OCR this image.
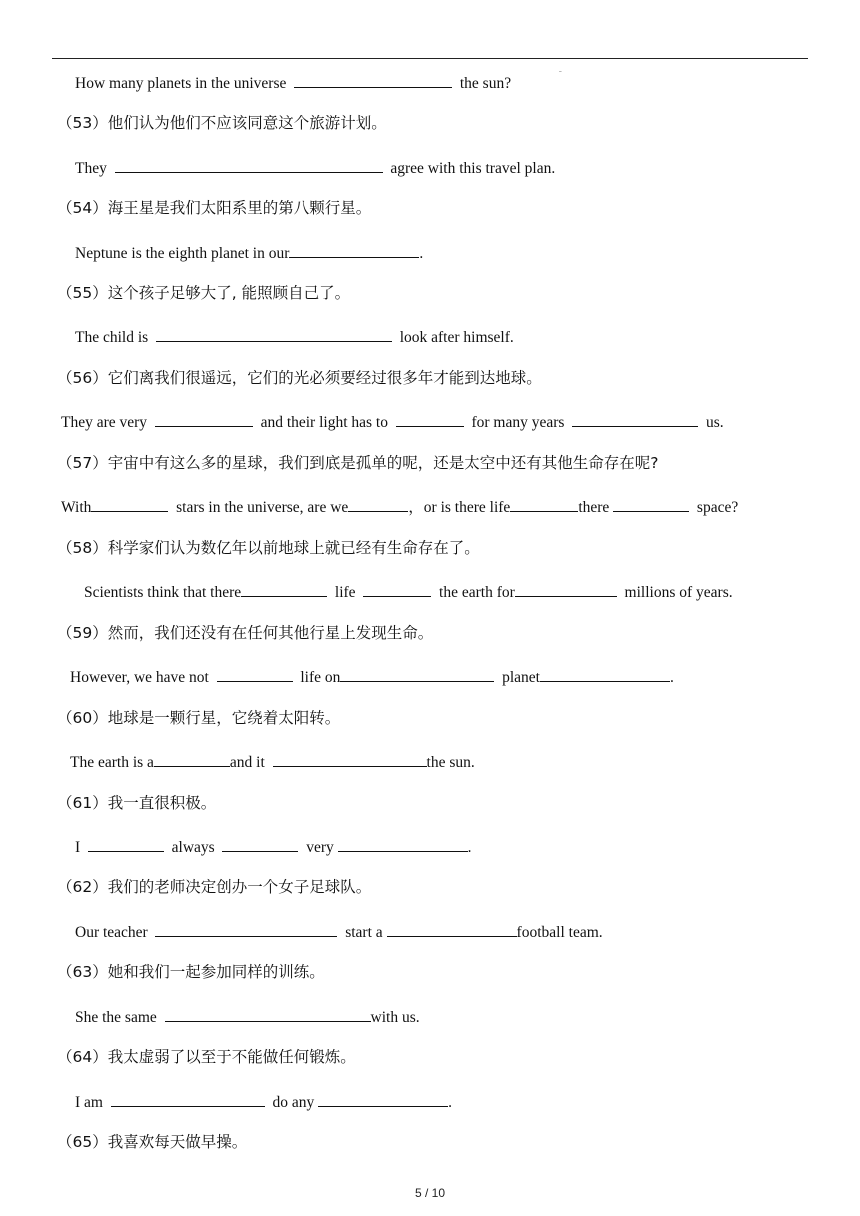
ˉ
How many planets in the universe	the sun?
（53）他们认为他们不应该同意这个旅游计划。
They	agree with this travel plan.
（54）海王星是我们太阳系里的第八颗行星。
Neptune is the eighth planet in our	.
（55）这个孩子足够大了, 能照顾自己了。
The child is	look after himself.
（56）它们离我们很遥远，它们的光必须要经过很多年才能到达地球。
They are very	and their light has to	for many years	us.
（57）宇宙中有这么多的星球，我们到底是孤单的呢，还是太空中还有其他生命存在呢?
With	stars in the universe, are we	，or is there life	there	space?
（58）科学家们认为数亿年以前地球上就已经有生命存在了。
Scientists think that there	life	the earth for	millions of years.
（59）然而，我们还没有在任何其他行星上发现生命。
However, we have not	life on	planet	.
（60）地球是一颗行星，它绕着太阳转。
The earth is a	and it	the sun.
（61）我一直很积极。
I	always	very	.
（62）我们的老师决定创办一个女子足球队。
Our teacher	start a	football team.
（63）她和我们一起参加同样的训练。
She the same	with us.
（64）我太虚弱了以至于不能做任何锻炼。
I am	do any	.
（65）我喜欢每天做早操。
5 / 10
